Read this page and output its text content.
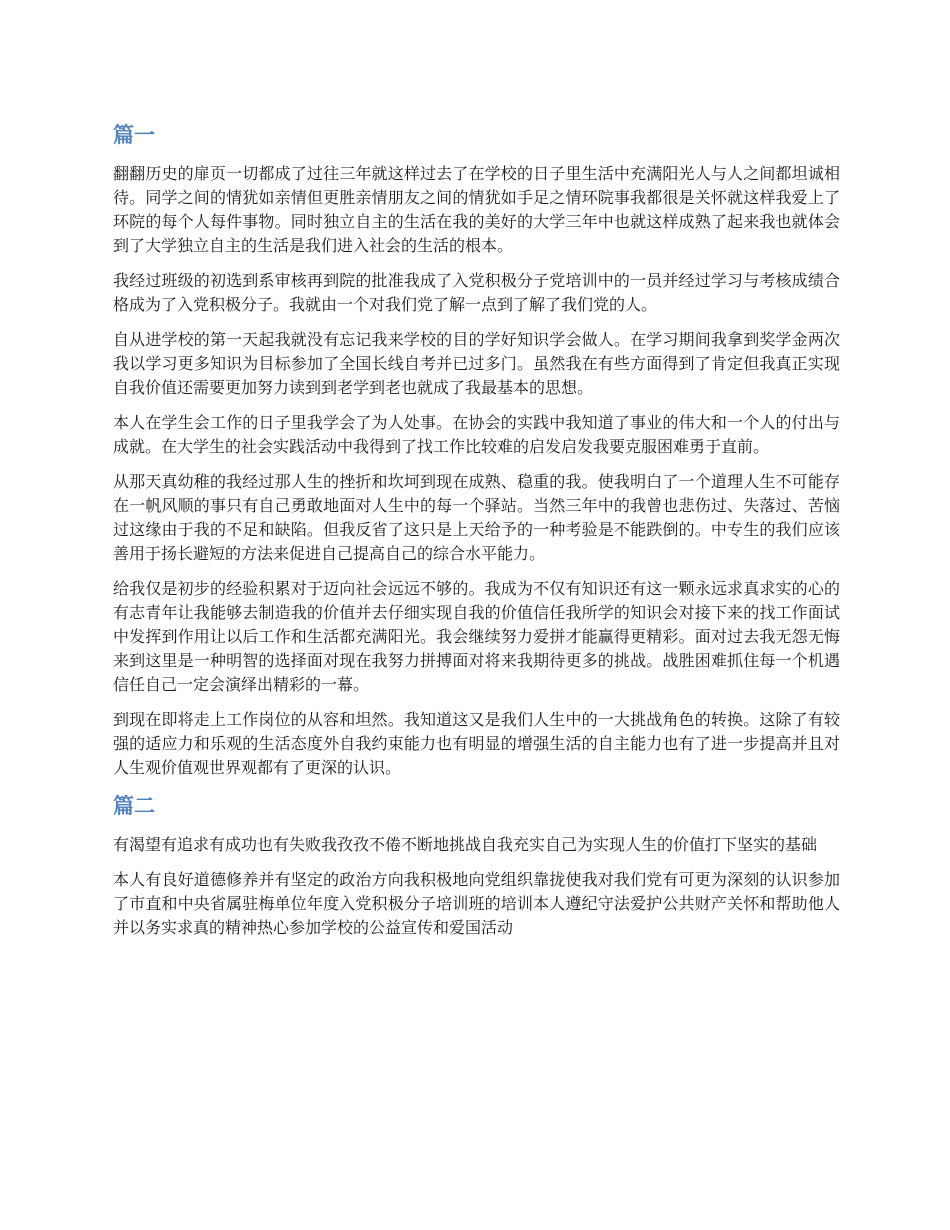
篇一

翻翻历史的扉页一切都成了过往三年就这样过去了在学校的日子里生活中充满阳光人与人之间都坦诚相待。同学之间的情犹如亲情但更胜亲情朋友之间的情犹如手足之情环院事我都很是关怀就这样我爱上了环院的每个人每件事物。同时独立自主的生活在我的美好的大学三年中也就这样成熟了起来我也就体会到了大学独立自主的生活是我们进入社会的生活的根本。

我经过班级的初选到系审核再到院的批准我成了入党积极分子党培训中的一员并经过学习与考核成绩合格成为了入党积极分子。我就由一个对我们党了解一点到了解了我们党的人。

自从进学校的第一天起我就没有忘记我来学校的目的学好知识学会做人。在学习期间我拿到奖学金两次我以学习更多知识为目标参加了全国长线自考并已过多门。虽然我在有些方面得到了肯定但我真正实现自我价值还需要更加努力读到到老学到老也就成了我最基本的思想。

本人在学生会工作的日子里我学会了为人处事。在协会的实践中我知道了事业的伟大和一个人的付出与成就。在大学生的社会实践活动中我得到了找工作比较难的启发启发我要克服困难勇于直前。

从那天真幼稚的我经过那人生的挫折和坎坷到现在成熟、稳重的我。使我明白了一个道理人生不可能存在一帆风顺的事只有自己勇敢地面对人生中的每一个驿站。当然三年中的我曾也悲伤过、失落过、苦恼过这缘由于我的不足和缺陷。但我反省了这只是上天给予的一种考验是不能跌倒的。中专生的我们应该善用于扬长避短的方法来促进自己提高自己的综合水平能力。

给我仅是初步的经验积累对于迈向社会远远不够的。我成为不仅有知识还有这一颗永远求真求实的心的有志青年让我能够去制造我的价值并去仔细实现自我的价值信任我所学的知识会对接下来的找工作面试中发挥到作用让以后工作和生活都充满阳光。我会继续努力爱拼才能赢得更精彩。面对过去我无怨无悔来到这里是一种明智的选择面对现在我努力拼搏面对将来我期待更多的挑战。战胜困难抓住每一个机遇信任自己一定会演绎出精彩的一幕。

到现在即将走上工作岗位的从容和坦然。我知道这又是我们人生中的一大挑战角色的转换。这除了有较强的适应力和乐观的生活态度外自我约束能力也有明显的增强生活的自主能力也有了进一步提高并且对人生观价值观世界观都有了更深的认识。

篇二

有渴望有追求有成功也有失败我孜孜不倦不断地挑战自我充实自己为实现人生的价值打下坚实的基础

本人有良好道德修养并有坚定的政治方向我积极地向党组织靠拢使我对我们党有可更为深刻的认识参加了市直和中央省属驻梅单位年度入党积极分子培训班的培训本人遵纪守法爱护公共财产关怀和帮助他人并以务实求真的精神热心参加学校的公益宣传和爱国活动
